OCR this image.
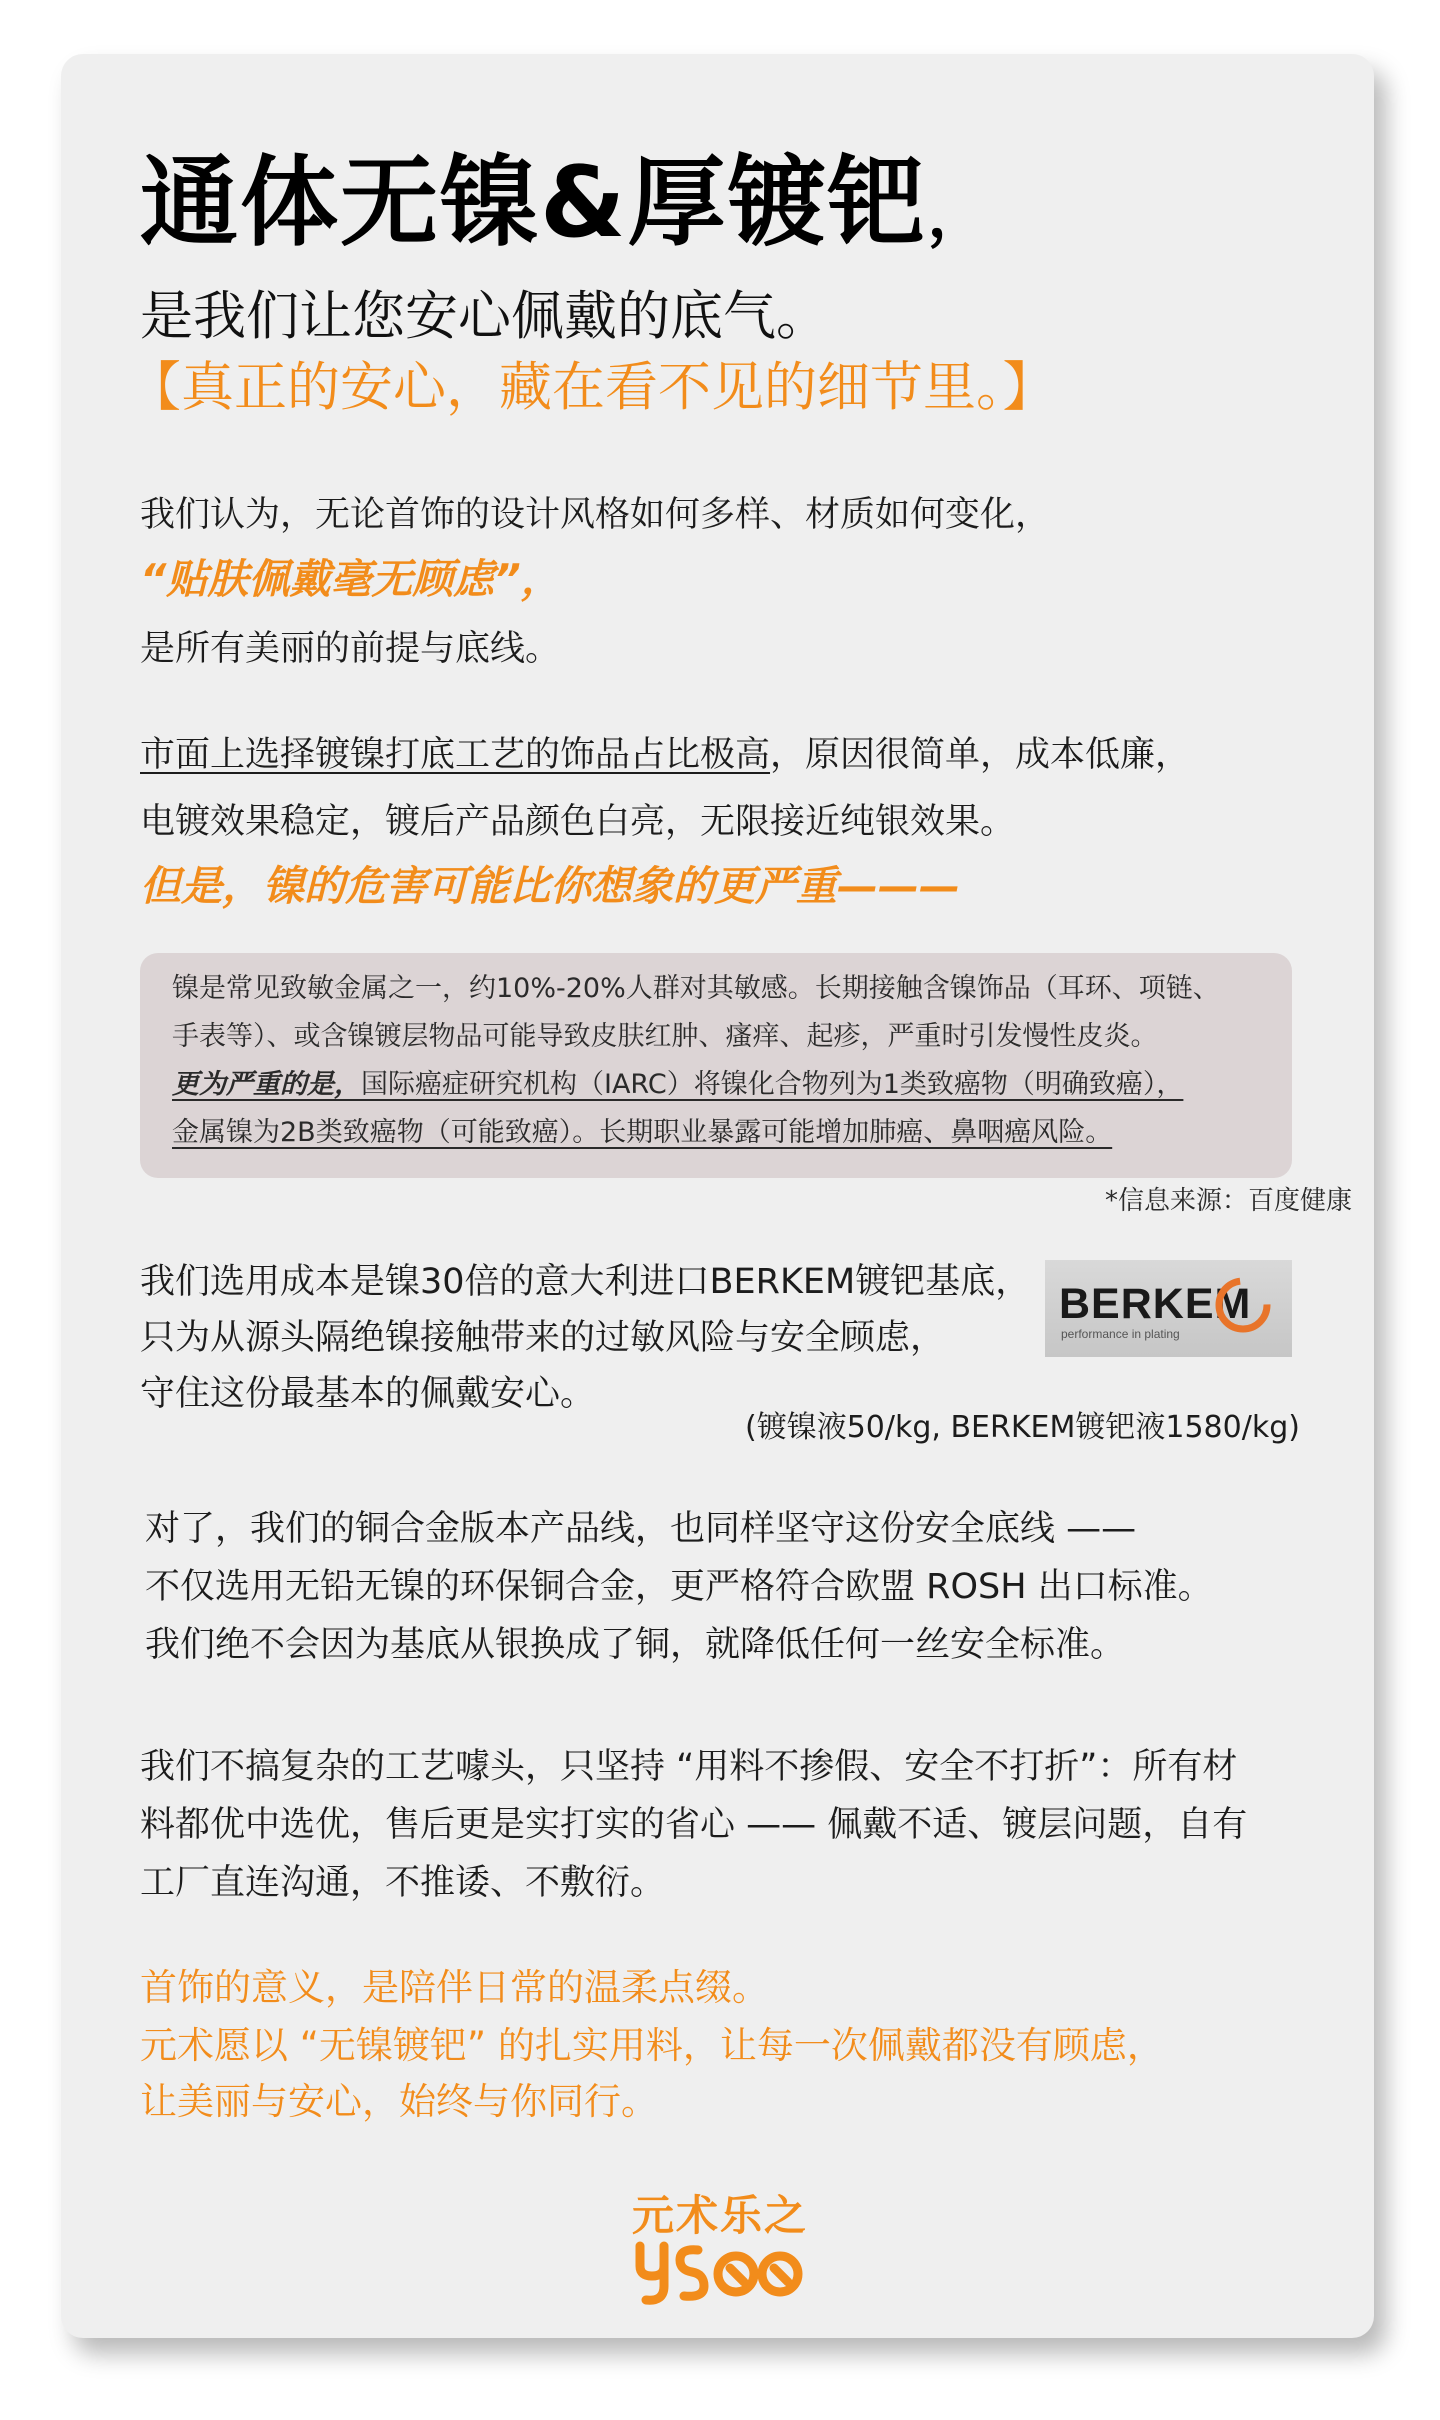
通体无镍&厚镀钯，
是我们让您安心佩戴的底气。
【真正的安心，藏在看不见的细节里。】
我们认为，无论首饰的设计风格如何多样、材质如何变化，
“贴肤佩戴毫无顾虑”，
是所有美丽的前提与底线。
市面上选择镀镍打底工艺的饰品占比极高，原因很简单，成本低廉，
电镀效果稳定，镀后产品颜色白亮，无限接近纯银效果。
但是，镍的危害可能比你想象的更严重———
镍是常见致敏金属之一，约10%-20%人群对其敏感。长期接触含镍饰品（耳环、项链、
手表等）、或含镍镀层物品可能导致皮肤红肿、瘙痒、起疹，严重时引发慢性皮炎。
更为严重的是，国际癌症研究机构（IARC）将镍化合物列为1类致癌物（明确致癌），
金属镍为2B类致癌物（可能致癌）。长期职业暴露可能增加肺癌、鼻咽癌风险。
*信息来源：百度健康
我们选用成本是镍30倍的意大利进口BERKEM镀钯基底，
只为从源头隔绝镍接触带来的过敏风险与安全顾虑，
守住这份最基本的佩戴安心。
BERKEM
performance in plating
(镀镍液50/kg, BERKEM镀钯液1580/kg)
对了，我们的铜合金版本产品线，也同样坚守这份安全底线 ——
不仅选用无铅无镍的环保铜合金，更严格符合欧盟 ROSH 出口标准。
我们绝不会因为基底从银换成了铜，就降低任何一丝安全标准。
我们不搞复杂的工艺噱头，只坚持 “用料不掺假、安全不打折”：所有材
料都优中选优，售后更是实打实的省心 —— 佩戴不适、镀层问题，自有
工厂直连沟通，不推诿、不敷衍。
首饰的意义，是陪伴日常的温柔点缀。
元术愿以 “无镍镀钯” 的扎实用料，让每一次佩戴都没有顾虑，
让美丽与安心，始终与你同行。
元术乐之
